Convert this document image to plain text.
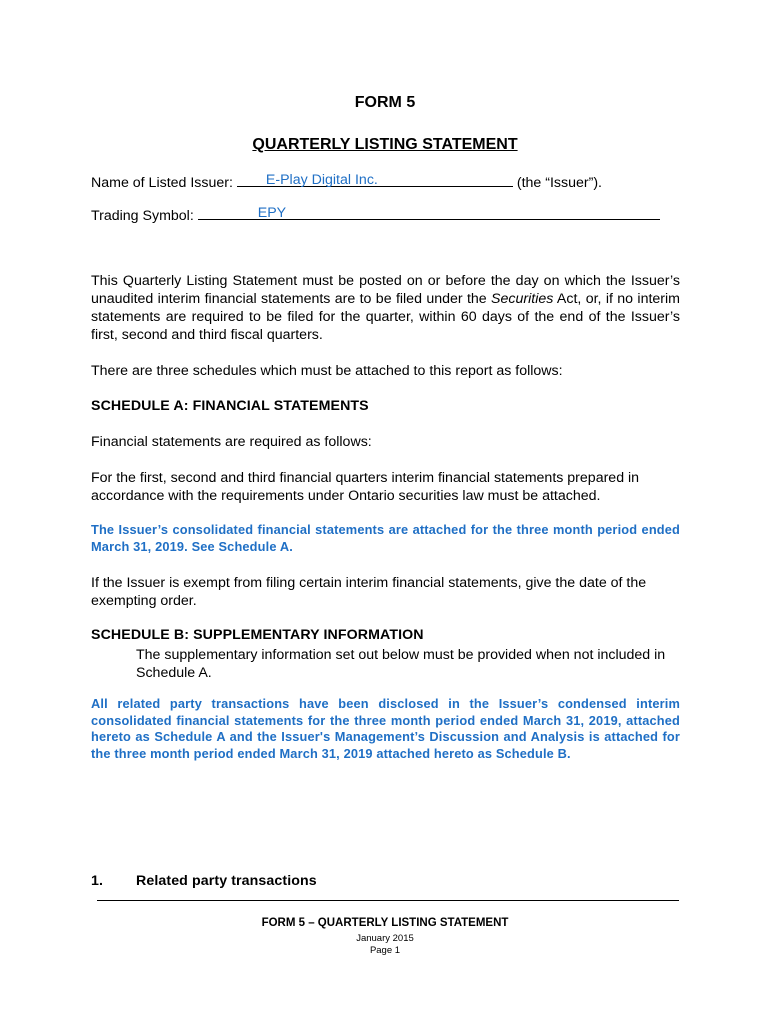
FORM 5
QUARTERLY LISTING STATEMENT
Name of Listed Issuer: E-Play Digital Inc.	(the “Issuer”).
Trading Symbol:	EPY

This Quarterly Listing Statement must be posted on or before the day on which the Issuer’s unaudited interim financial statements are to be filed under the Securities Act, or, if no interim statements are required to be filed for the quarter, within 60 days of the end of the Issuer’s first, second and third fiscal quarters.

There are three schedules which must be attached to this report as follows:

SCHEDULE A: FINANCIAL STATEMENTS

Financial statements are required as follows:

For the first, second and third financial quarters interim financial statements prepared in accordance with the requirements under Ontario securities law must be attached.

The Issuer’s consolidated financial statements are attached for the three month period ended March 31, 2019. See Schedule A.

If the Issuer is exempt from filing certain interim financial statements, give the date of the exempting order.

SCHEDULE B: SUPPLEMENTARY INFORMATION

The supplementary information set out below must be provided when not included in Schedule A.

All related party transactions have been disclosed in the Issuer’s condensed interim consolidated financial statements for the three month period ended March 31, 2019, attached hereto as Schedule A and the Issuer's Management’s Discussion and Analysis is attached for the three month period ended March 31, 2019 attached hereto as Schedule B.

1. Related party transactions
FORM 5 – QUARTERLY LISTING STATEMENT
January 2015
Page 1
